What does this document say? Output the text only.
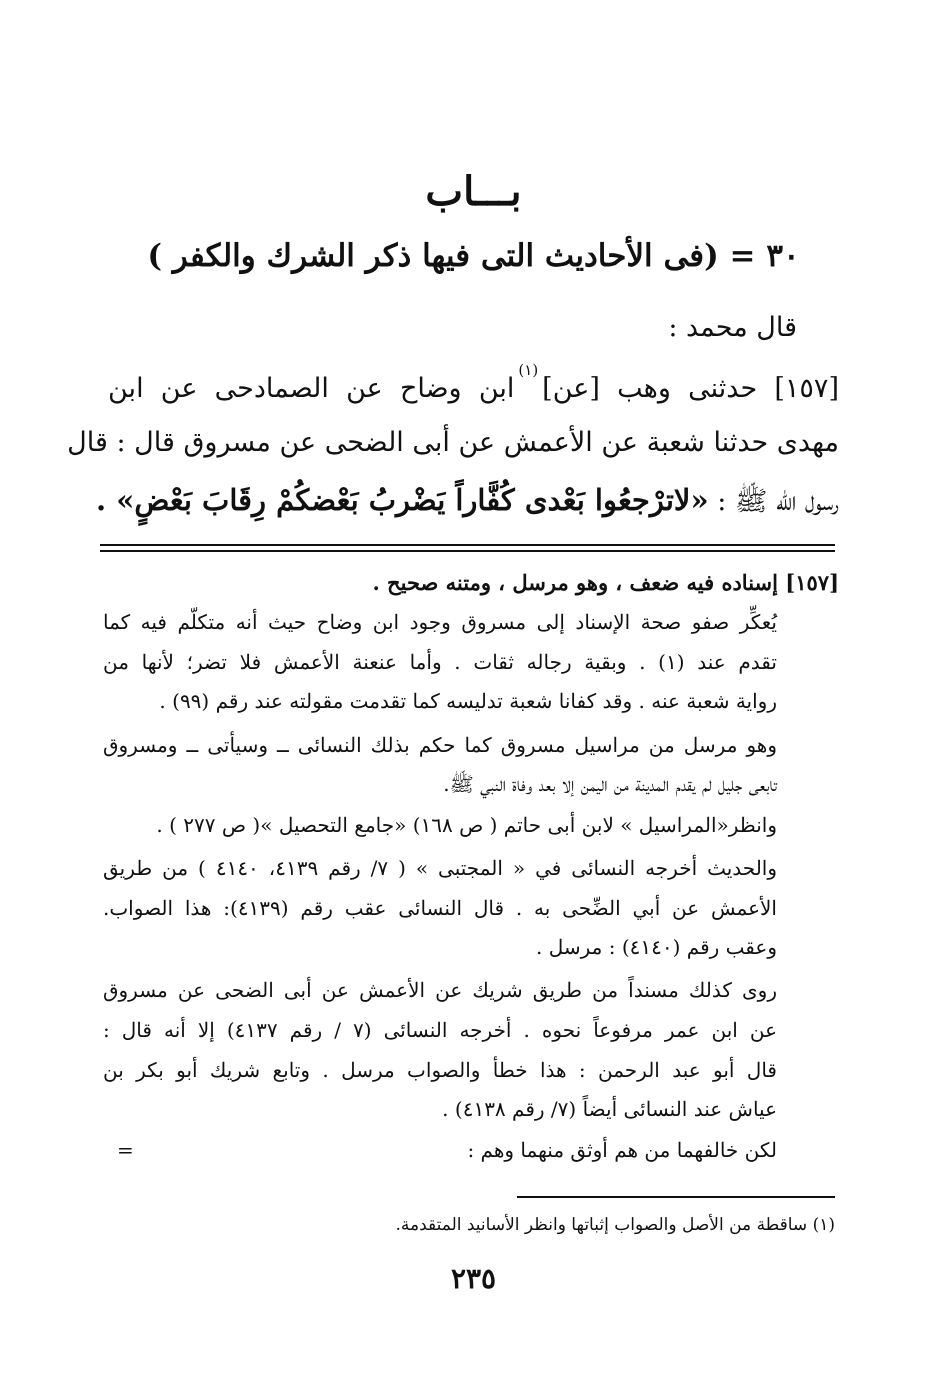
بـــاب
٣٠ = (فى الأحاديث التى فيها ذكر الشرك والكفر )
قال محمد :
[١٥٧] حدثنى وهب [عن]$^{(١)}$ابن وضاح عن الصمادحى عن ابن
مهدى حدثنا شعبة عن الأعمش عن أبى الضحى عن مسروق قال : قال
رسول الله ﷺ : «لاترْجعُوا بَعْدى كُفَّاراً يَضْربُ بَعْضكُمْ رِقَابَ بَعْضٍ» .
[١٥٧] إسناده فيه ضعف ، وهو مرسل ، ومتنه صحيح .
يُعكِّر صفو صحة الإسناد إلى مسروق وجود ابن وضاح حيث أنه متكلّم فيه كما
تقدم عند (١) . وبقية رجاله ثقات . وأما عنعنة الأعمش فلا تضر؛ لأنها من
رواية شعبة عنه . وقد كفانا شعبة تدليسه كما تقدمت مقولته عند رقم (٩٩) .
وهو مرسل من مراسيل مسروق كما حكم بذلك النسائى ــ وسيأتى ــ ومسروق
تابعى جليل لم يقدم المدينة من اليمن إلا بعد وفاة النبي ﷺ.
وانظر«المراسيل » لابن أبى حاتم ( ص ١٦٨) «جامع التحصيل »( ص ٢٧٧ ) .
والحديث أخرجه النسائى في « المجتبى » ( ٧/ رقم ٤١٣٩، ٤١٤٠ ) من طريق
الأعمش عن أبي الضِّحى به . قال النسائى عقب رقم (٤١٣٩): هذا الصواب.
وعقب رقم (٤١٤٠) : مرسل .
روى كذلك مسنداً من طريق شريك عن الأعمش عن أبى الضحى عن مسروق
عن ابن عمر مرفوعاً نحوه . أخرجه النسائى (٧ / رقم ٤١٣٧) إلا أنه قال :
قال أبو عبد الرحمن : هذا خطأ والصواب مرسل . وتابع شريك أبو بكر بن
عياش عند النسائى أيضاً (٧/ رقم ٤١٣٨) .
لكن خالفهما من هم أوثق منهما وهم :
=
(١) ساقطة من الأصل والصواب إثباتها وانظر الأسانيد المتقدمة.
٢٣٥
